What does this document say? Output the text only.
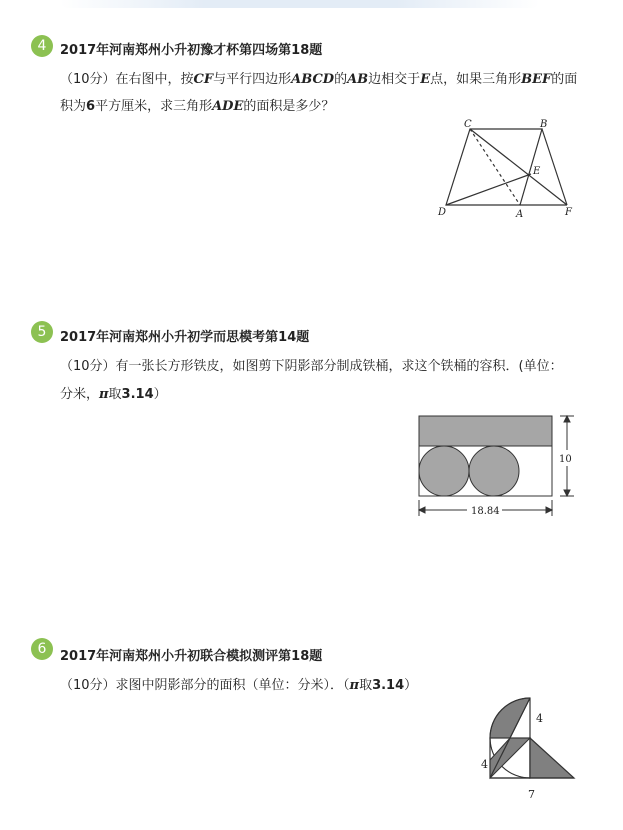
4	2017年河南郑州小升初豫才杯第四场第18题
（10分）在右图中，按CF与平行四边形ABCD的AB边相交于E点，如果三角形BEF的面
积为6平方厘米，求三角形ADE的面积是多少？
C	B
E
D	A	F
5	2017年河南郑州小升初学而思模考第14题
（10分）有一张长方形铁皮，如图剪下阴影部分制成铁桶，求这个铁桶的容积．(单位：
分米，π取3.14）
10
18.84
6	2017年河南郑州小升初联合模拟测评第18题
（10分）求图中阴影部分的面积（单位：分米）．（π取3.14）
4
4
7
